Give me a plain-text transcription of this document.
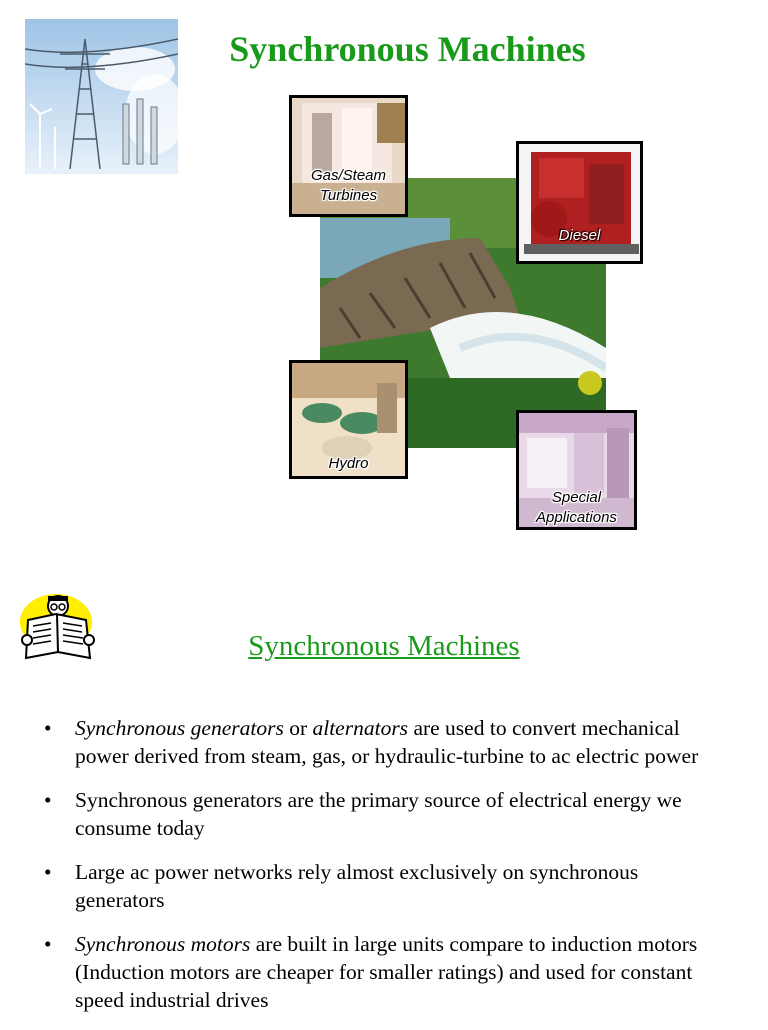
Synchronous Machines
Gas/Steam
Turbines
Diesel
Hydro
Special
Applications
Synchronous Machines
• Synchronous generators or alternators are used to convert mechanical power derived from steam, gas, or hydraulic-turbine to ac electric power
• Synchronous generators are the primary source of electrical energy we consume today
• Large ac power networks rely almost exclusively on synchronous generators
• Synchronous motors are built in large units compare to induction motors (Induction motors are cheaper for smaller ratings) and used for constant speed industrial drives
